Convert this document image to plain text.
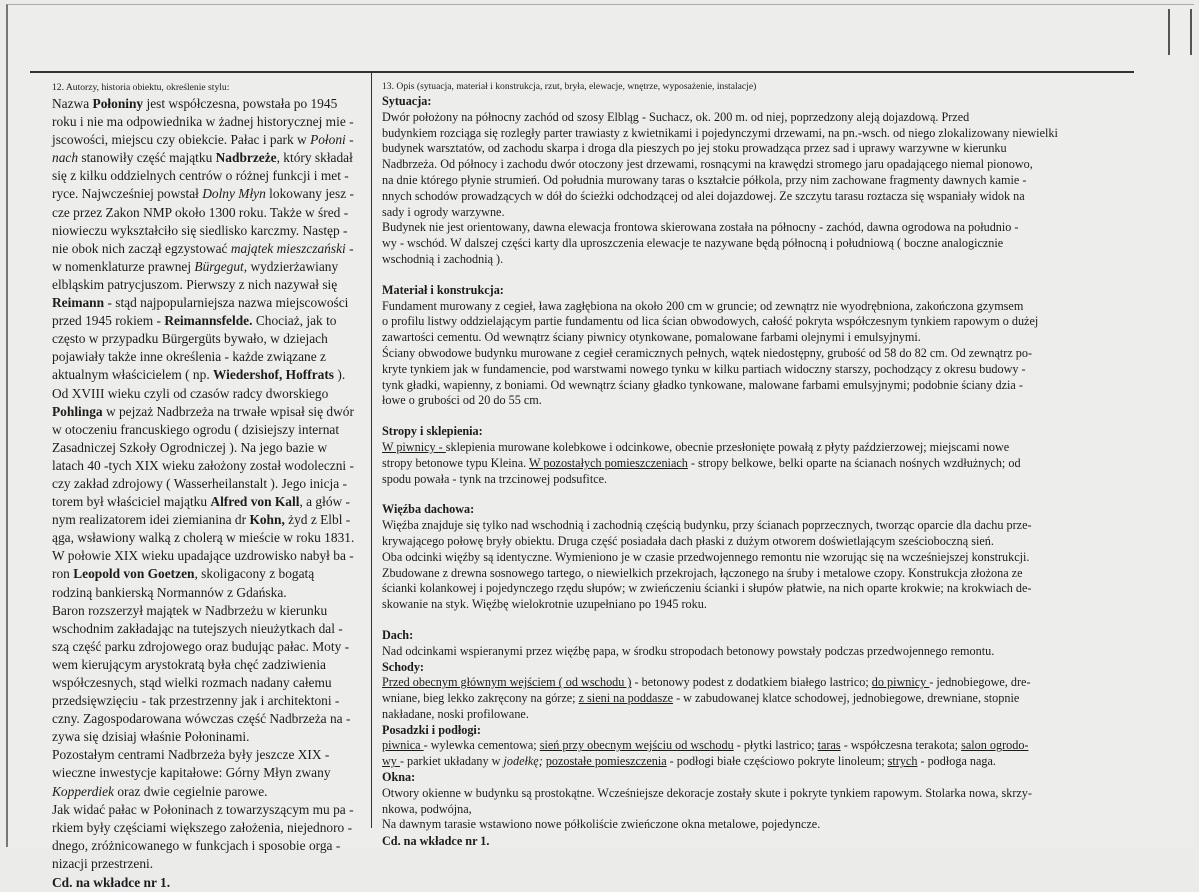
12. Autorzy, historia obiektu, określenie stylu:
Nazwa Połoniny jest współczesna, powstała po 1945
roku i nie ma odpowiednika w żadnej historycznej mie -
jscowości, miejscu czy obiekcie. Pałac i park w Połoni -
nach stanowiły część majątku Nadbrzeże, który składał
się z kilku oddzielnych centrów o różnej funkcji i met -
ryce. Najwcześniej powstał Dolny Młyn lokowany jesz -
cze przez Zakon NMP około 1300 roku. Także w śred -
niowieczu wykształciło się siedlisko karczmy. Następ -
nie obok nich zaczął egzystować majątek mieszczański -
w nomenklaturze prawnej Bürgegut, wydzierżawiany
elbląskim patrycjuszom. Pierwszy z nich nazywał się
Reimann - stąd najpopularniejsza nazwa miejscowości
przed 1945 rokiem - Reimannsfelde. Chociaż, jak to
często w przypadku Bürgergüts bywało, w dziejach
pojawiały także inne określenia - każde związane z
aktualnym właścicielem ( np. Wiedershof, Hoffrats ).
Od XVIII wieku czyli od czasów radcy dworskiego
Pohlinga w pejzaż Nadbrzeża na trwałe wpisał się dwór
w otoczeniu francuskiego ogrodu ( dzisiejszy internat
Zasadniczej Szkoły Ogrodniczej ). Na jego bazie w
latach 40 -tych XIX wieku założony został wodoleczni -
czy zakład zdrojowy ( Wasserheilanstalt ). Jego inicja -
torem był właściciel majątku Alfred von Kall, a głów -
nym realizatorem idei ziemianina dr Kohn, żyd z Elbl -
ąga, wsławiony walką z cholerą w mieście w roku 1831.
W połowie XIX wieku upadające uzdrowisko nabył ba -
ron Leopold von Goetzen, skoligacony z bogatą
rodziną bankierską Normannów z Gdańska.
Baron rozszerzył majątek w Nadbrzeżu w kierunku
wschodnim zakładając na tutejszych nieużytkach dal -
szą część parku zdrojowego oraz budując pałac. Moty -
wem kierującym arystokratą była chęć zadziwienia
współczesnych, stąd wielki rozmach nadany całemu
przedsięwzięciu - tak przestrzenny jak i architektoni -
czny. Zagospodarowana wówczas część Nadbrzeża na -
zywa się dzisiaj właśnie Połoninami.
Pozostałym centrami Nadbrzeża były jeszcze XIX -
wieczne inwestycje kapitałowe: Górny Młyn zwany
Kopperdiek oraz dwie cegielnie parowe.
Jak widać pałac w Połoninach z towarzyszącym mu pa -
rkiem były częściami większego założenia, niejednoro -
dnego, zróżnicowanego w funkcjach i sposobie orga -
nizacji przestrzeni.
Cd. na wkładce nr 1.
13. Opis (sytuacja, materiał i konstrukcja, rzut, bryła, elewacje, wnętrze, wyposażenie, instalacje)
Sytuacja:
Dwór położony na północny zachód od szosy Elbląg - Suchacz, ok. 200 m. od niej, poprzedzony aleją dojazdową. Przed
budynkiem rozciąga się rozległy parter trawiasty z kwietnikami i pojedynczymi drzewami, na pn.-wsch. od niego zlokalizowany niewielki
budynek warsztatów, od zachodu skarpa i droga dla pieszych po jej stoku prowadząca przez sad i uprawy warzywne w kierunku
Nadbrzeża. Od północy i zachodu dwór otoczony jest drzewami, rosnącymi na krawędzi stromego jaru opadającego niemal pionowo,
na dnie którego płynie strumień. Od południa murowany taras o kształcie półkola, przy nim zachowane fragmenty dawnych kamie -
nnych schodów prowadzących w dół do ścieżki odchodzącej od alei dojazdowej. Ze szczytu tarasu roztacza się wspaniały widok na
sady i ogrody warzywne.
Budynek nie jest orientowany, dawna elewacja frontowa skierowana została na północny - zachód, dawna ogrodowa na południo -
wy - wschód. W dalszej części karty dla uproszczenia elewacje te nazywane będą północną i południową ( boczne analogicznie
wschodnią i zachodnią ).
Materiał i konstrukcja:
Fundament murowany z cegieł, ława zagłębiona na około 200 cm w gruncie; od zewnątrz nie wyodrębniona, zakończona gzymsem
o profilu listwy oddzielającym partie fundamentu od lica ścian obwodowych, całość pokryta współczesnym tynkiem rapowym o dużej
zawartości cementu. Od wewnątrz ściany piwnicy otynkowane, pomalowane farbami olejnymi i emulsyjnymi.
Ściany obwodowe budynku murowane z cegieł ceramicznych pełnych, wątek niedostępny, grubość od 58 do 82 cm. Od zewnątrz po-
kryte tynkiem jak w fundamencie, pod warstwami nowego tynku w kilku partiach widoczny starszy, pochodzący z okresu budowy -
tynk gładki, wapienny, z boniami. Od wewnątrz ściany gładko tynkowane, malowane farbami emulsyjnymi; podobnie ściany dzia -
łowe o grubości od 20 do 55 cm.
Stropy i sklepienia:
W piwnicy - sklepienia murowane kolebkowe i odcinkowe, obecnie przesłonięte powałą z płyty paździerzowej; miejscami nowe
stropy betonowe typu Kleina. W pozostałych pomieszczeniach - stropy belkowe, belki oparte na ścianach nośnych wzdłużnych; od
spodu powała - tynk na trzcinowej podsufitce.
Więźba dachowa:
Więźba znajduje się tylko nad wschodnią i zachodnią częścią budynku, przy ścianach poprzecznych, tworząc oparcie dla dachu prze-
krywającego połowę bryły obiektu. Druga część posiadała dach płaski z dużym otworem doświetlającym sześcioboczną sień.
Oba odcinki więźby są identyczne. Wymieniono je w czasie przedwojennego remontu nie wzorując się na wcześniejszej konstrukcji.
Zbudowane z drewna sosnowego tartego, o niewielkich przekrojach, łączonego na śruby i metalowe czopy. Konstrukcja złożona ze
ścianki kolankowej i pojedynczego rzędu słupów; w zwieńczeniu ścianki i słupów płatwie, na nich oparte krokwie; na krokwiach de-
skowanie na styk. Więźbę wielokrotnie uzupełniano po 1945 roku.
Dach:
Nad odcinkami wspieranymi przez więźbę papa, w środku stropodach betonowy powstały podczas przedwojennego remontu.
Schody:
Przed obecnym głównym wejściem ( od wschodu ) - betonowy podest z dodatkiem białego lastrico; do piwnicy - jednobiegowe, dre-
wniane, bieg lekko zakręcony na górze; z sieni na poddasze - w zabudowanej klatce schodowej, jednobiegowe, drewniane, stopnie
nakładane, noski profilowane.
Posadzki i podłogi:
piwnica - wylewka cementowa; sień przy obecnym wejściu od wschodu - płytki lastrico; taras - współczesna terakota; salon ogrodo-
wy - parkiet układany w jodełkę; pozostałe pomieszczenia - podłogi białe częściowo pokryte linoleum; strych - podłoga naga.
Okna:
Otwory okienne w budynku są prostokątne. Wcześniejsze dekoracje zostały skute i pokryte tynkiem rapowym. Stolarka nowa, skrzy-
nkowa, podwójna,
Na dawnym tarasie wstawiono nowe półkoliście zwieńczone okna metalowe, pojedyncze.
Cd. na wkładce nr 1.
